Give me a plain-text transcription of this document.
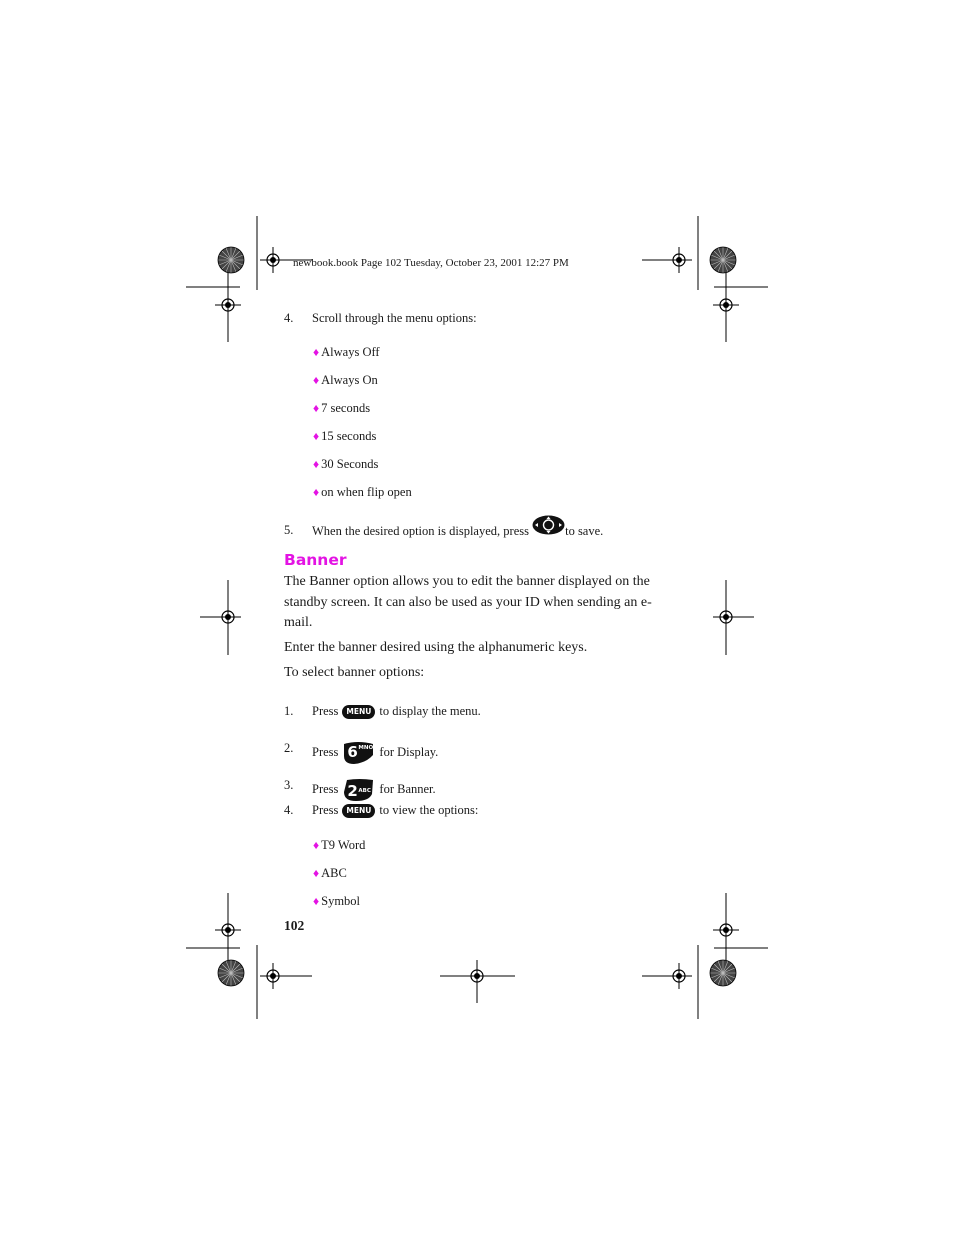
newbook.book Page 102 Tuesday, October 23, 2001 12:27 PM
4. Scroll through the menu options:
♦ Always Off
♦ Always On
♦ 7 seconds
♦ 15 seconds
♦ 30 Seconds
♦ on when flip open
5. When the desired option is displayed, press	to save.
Banner
The Banner option allows you to edit the banner displayed on the standby screen. It can also be used as your ID when sending an e-mail.
Enter the banner desired using the alphanumeric keys.
To select banner options:
1. Press MENU to display the menu.
2. Press 6 MNO for Display.
3. Press 2 ABC for Banner.
4. Press MENU to view the options:
♦ T9 Word
♦ ABC
♦ Symbol
102
